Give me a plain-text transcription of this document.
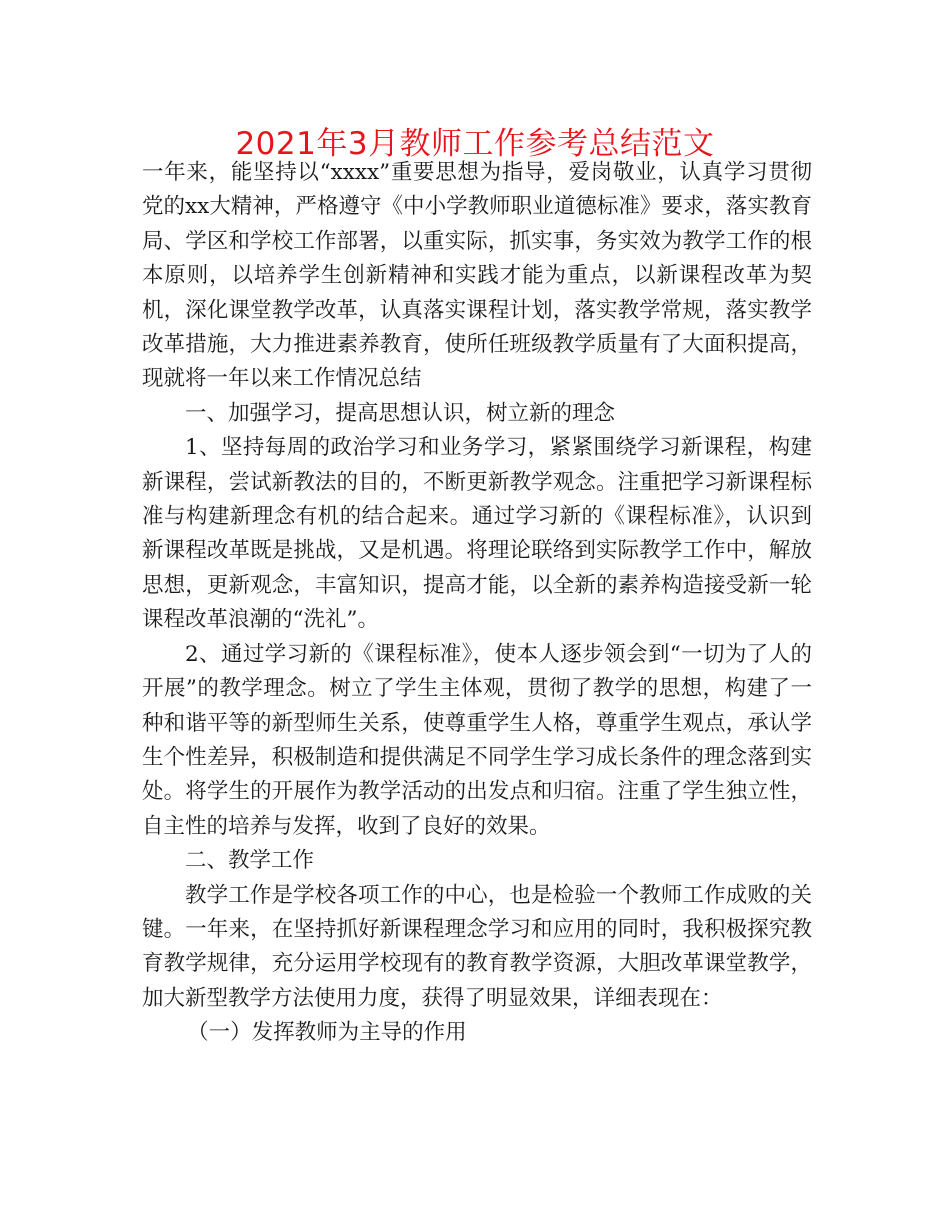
2021年3月教师工作参考总结范文

一年来，能坚持以“xxxx”重要思想为指导，爱岗敬业，认真学习贯彻党的xx大精神，严格遵守《中小学教师职业道德标准》要求，落实教育局、学区和学校工作部署，以重实际，抓实事，务实效为教学工作的根本原则，以培养学生创新精神和实践才能为重点，以新课程改革为契机，深化课堂教学改革，认真落实课程计划，落实教学常规，落实教学改革措施，大力推进素养教育，使所任班级教学质量有了大面积提高，现就将一年以来工作情况总结

一、加强学习，提高思想认识，树立新的理念

1、坚持每周的政治学习和业务学习，紧紧围绕学习新课程，构建新课程，尝试新教法的目的，不断更新教学观念。注重把学习新课程标准与构建新理念有机的结合起来。通过学习新的《课程标准》，认识到新课程改革既是挑战，又是机遇。将理论联络到实际教学工作中，解放思想，更新观念，丰富知识，提高才能，以全新的素养构造接受新一轮课程改革浪潮的“洗礼”。

2、通过学习新的《课程标准》，使本人逐步领会到“一切为了人的开展”的教学理念。树立了学生主体观，贯彻了教学的思想，构建了一种和谐平等的新型师生关系，使尊重学生人格，尊重学生观点，承认学生个性差异，积极制造和提供满足不同学生学习成长条件的理念落到实处。将学生的开展作为教学活动的出发点和归宿。注重了学生独立性，自主性的培养与发挥，收到了良好的效果。

二、教学工作

教学工作是学校各项工作的中心，也是检验一个教师工作成败的关键。一年来，在坚持抓好新课程理念学习和应用的同时，我积极探究教育教学规律，充分运用学校现有的教育教学资源，大胆改革课堂教学，加大新型教学方法使用力度，获得了明显效果，详细表现在：

（一）发挥教师为主导的作用
